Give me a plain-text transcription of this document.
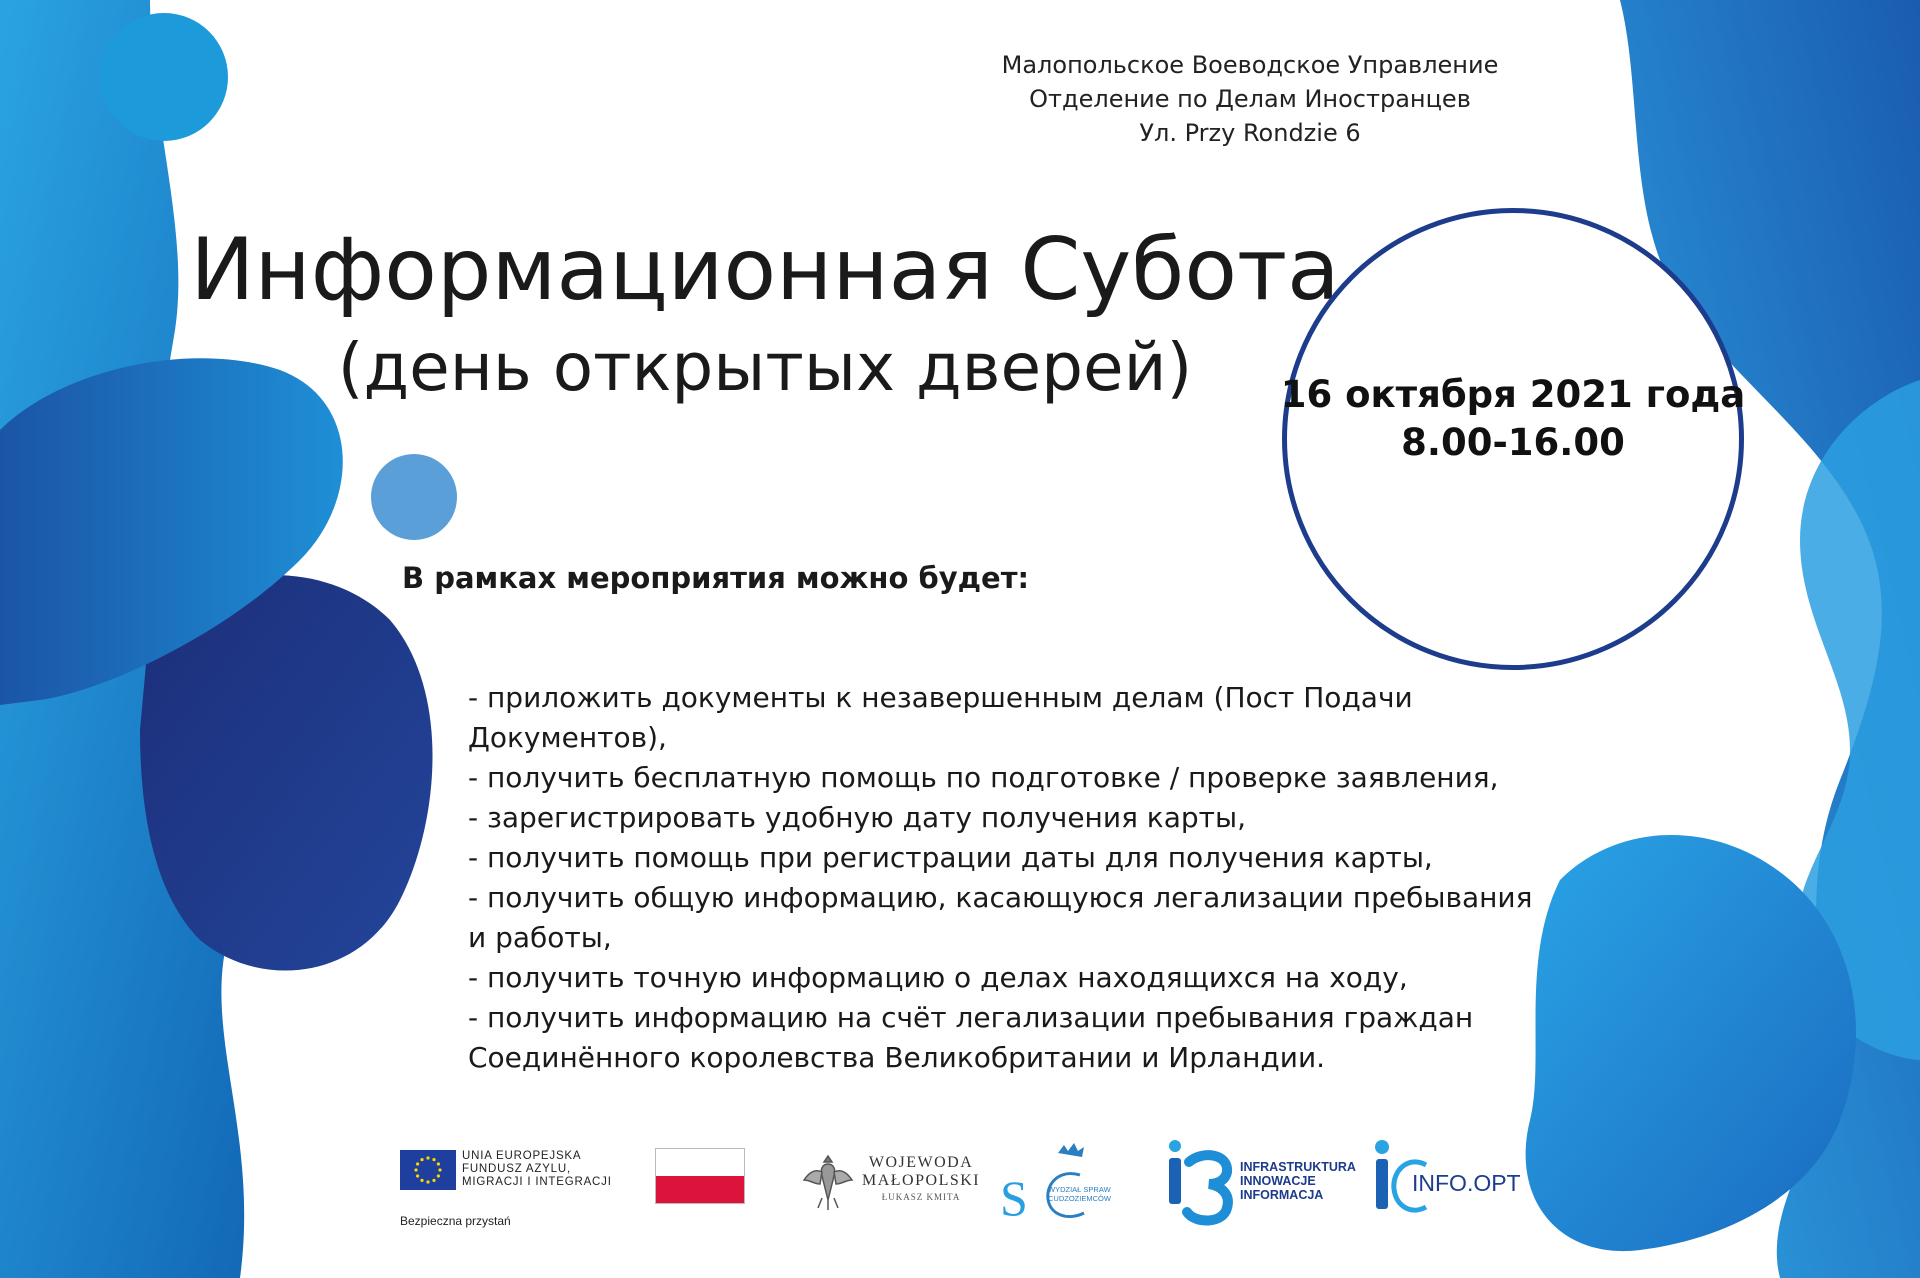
Малопольское Воеводское Управление
Отделение по Делам Иностранцев
Ул. Przy Rondzie 6
Информационная Субота
(день открытых дверей)	16 октября 2021 года
8.00-16.00
В рамках мероприятия можно будет:
- приложить документы к незавершенным делам (Пост Подачи
Документов),
- получить бесплатную помощь по подготовке / проверке заявления,
- зарегистрировать удобную дату получения карты,
- получить помощь при регистрации даты для получения карты,
- получить общую информацию, касающуюся легализации пребывания
и работы,
- получить точную информацию о делах находящихся на ходу,
- получить информацию на счёт легализации пребывания граждан
Соединённого королевства Великобритании и Ирландии.
UNIA EUROPEJSKA
FUNDUSZ AZYLU,
MIGRACJI I INTEGRACJI
Bezpieczna przystań
WOJEWODA
MAŁOPOLSKI
ŁUKASZ KMITA S	WYDZIAŁ SPRAW
CUDZOZIEMCÓW
INFRASTRUKTURA
INNOWACJE
INFORMACJA	INFO.OPT
